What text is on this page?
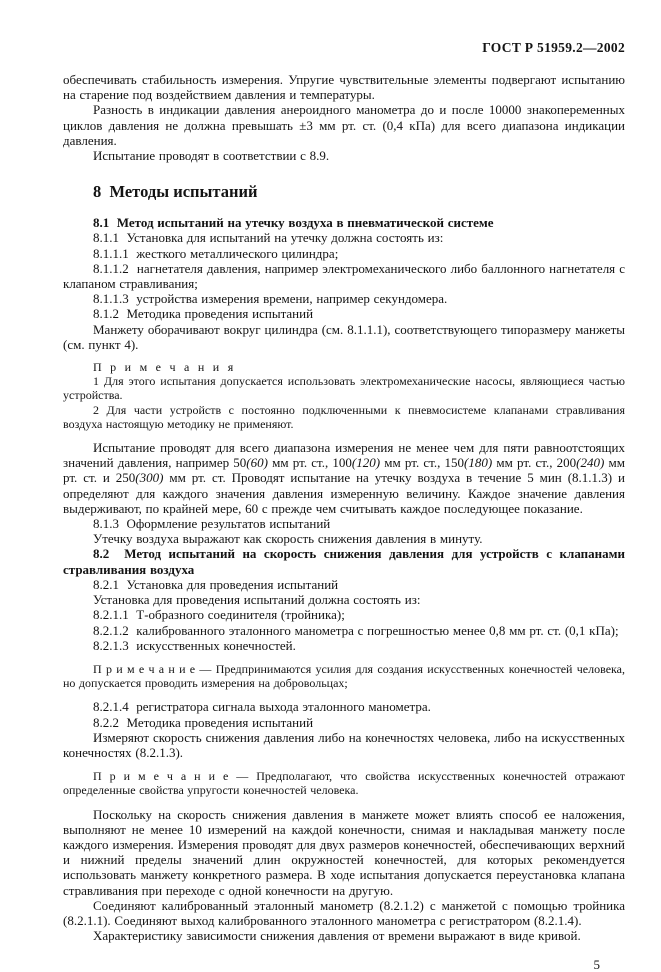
ГОСТ Р 51959.2—2002
обеспечивать стабильность измерения. Упругие чувствительные элементы подвергают испытанию на старение под воздействием давления и температуры.
Разность в индикации давления анероидного манометра до и после 10000 знакопеременных циклов давления не должна превышать ±3 мм рт. ст. (0,4 кПа) для всего диапазона индикации давления.
Испытание проводят в соответствии с 8.9.
8  Методы испытаний
8.1  Метод испытаний на утечку воздуха в пневматической системе
8.1.1  Установка для испытаний на утечку должна состоять из:
8.1.1.1  жесткого металлического цилиндра;
8.1.1.2  нагнетателя давления, например электромеханического либо баллонного нагнетателя с клапаном стравливания;
8.1.1.3  устройства измерения времени, например секундомера.
8.1.2  Методика проведения испытаний
Манжету оборачивают вокруг цилиндра (см. 8.1.1.1), соответствующего типоразмеру манжеты (см. пункт 4).
П р и м е ч а н и я
1 Для этого испытания допускается использовать электромеханические насосы, являющиеся частью устройства.
2 Для части устройств с постоянно подключенными к пневмосистеме клапанами стравливания воздуха настоящую методику не применяют.
Испытание проводят для всего диапазона измерения не менее чем для пяти равноотстоящих значений давления, например 50(60) мм рт. ст., 100(120) мм рт. ст., 150(180) мм рт. ст., 200(240) мм рт. ст. и 250(300) мм рт. ст. Проводят испытание на утечку воздуха в течение 5 мин (8.1.1.3) и определяют для каждого значения давления измеренную величину. Каждое значение давления выдерживают, по крайней мере, 60 с прежде чем считывать каждое последующее показание.
8.1.3  Оформление результатов испытаний
Утечку воздуха выражают как скорость снижения давления в минуту.
8.2  Метод испытаний на скорость снижения давления для устройств с клапанами стравливания воздуха
8.2.1  Установка для проведения испытаний
Установка для проведения испытаний должна состоять из:
8.2.1.1  Т-образного соединителя (тройника);
8.2.1.2  калиброванного эталонного манометра с погрешностью менее 0,8 мм рт. ст. (0,1 кПа);
8.2.1.3  искусственных конечностей.
П р и м е ч а н и е — Предпринимаются усилия для создания искусственных конечностей человека, но допускается проводить измерения на добровольцах;
8.2.1.4  регистратора сигнала выхода эталонного манометра.
8.2.2  Методика проведения испытаний
Измеряют скорость снижения давления либо на конечностях человека, либо на искусственных конечностях (8.2.1.3).
П р и м е ч а н и е — Предполагают, что свойства искусственных конечностей отражают определенные свойства упругости конечностей человека.
Поскольку на скорость снижения давления в манжете может влиять способ ее наложения, выполняют не менее 10 измерений на каждой конечности, снимая и накладывая манжету после каждого измерения. Измерения проводят для двух размеров конечностей, обеспечивающих верхний и нижний пределы значений длин окружностей конечностей, для которых рекомендуется использовать манжету конкретного размера. В ходе испытания допускается переустановка клапана стравливания при переходе с одной конечности на другую.
Соединяют калиброванный эталонный манометр (8.2.1.2) с манжетой с помощью тройника (8.2.1.1). Соединяют выход калиброванного эталонного манометра с регистратором (8.2.1.4).
Характеристику зависимости снижения давления от времени выражают в виде кривой.
5
